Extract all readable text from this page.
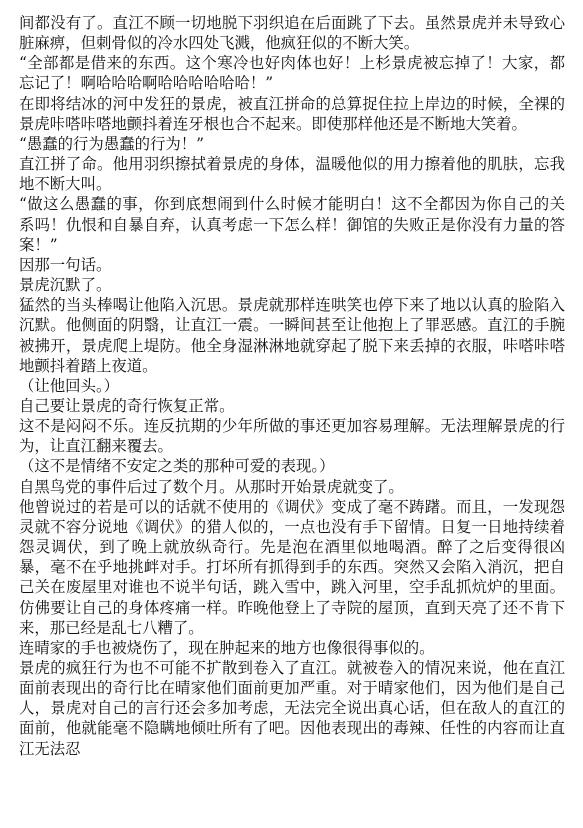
间都没有了。直江不顾一切地脱下羽织追在后面跳了下去。虽然景虎并未导致心脏麻痹，但刺骨似的冷水四处飞溅，他疯狂似的不断大笑。

“全部都是借来的东西。这个寒冷也好肉体也好！上杉景虎被忘掉了！大家，都忘记了！啊哈哈哈啊哈哈哈哈哈哈！”

在即将结冰的河中发狂的景虎，被直江拼命的总算捉住拉上岸边的时候，全裸的景虎咔嗒咔嗒地颤抖着连牙根也合不起来。即使那样他还是不断地大笑着。

“愚蠢的行为愚蠢的行为！”

直江拼了命。他用羽织擦拭着景虎的身体，温暖他似的用力擦着他的肌肤，忘我地不断大叫。

“做这么愚蠢的事，你到底想闹到什么时候才能明白！这不全都因为你自己的关系吗！仇恨和自暴自弃，认真考虑一下怎么样！御馆的失败正是你没有力量的答案！”

因那一句话。

景虎沉默了。

猛然的当头棒喝让他陷入沉思。景虎就那样连哄笑也停下来了地以认真的脸陷入沉默。他侧面的阴翳，让直江一震。一瞬间甚至让他抱上了罪恶感。直江的手腕被拂开，景虎爬上堤防。他全身湿淋淋地就穿起了脱下来丢掉的衣服，咔嗒咔嗒地颤抖着踏上夜道。

（让他回头。）

自己要让景虎的奇行恢复正常。

这不是闷闷不乐。连反抗期的少年所做的事还更加容易理解。无法理解景虎的行为，让直江翻来覆去。

（这不是情绪不安定之类的那种可爱的表现。）

自黑鸟党的事件后过了数个月。从那时开始景虎就变了。

他曾说过的若是可以的话就不使用的《调伏》变成了毫不踌躇。而且，一发现怨灵就不容分说地《调伏》的猎人似的，一点也没有手下留情。日复一日地持续着怨灵调伏，到了晚上就放纵奇行。先是泡在酒里似地喝酒。醉了之后变得很凶暴，毫不在乎地挑衅对手。打坏所有抓得到手的东西。突然又会陷入消沉，把自己关在废屋里对谁也不说半句话，跳入雪中，跳入河里，空手乱抓炕炉的里面。仿佛要让自己的身体疼痛一样。昨晚他登上了寺院的屋顶，直到天亮了还不肯下来，那已经是乱七八糟了。

连晴家的手也被烧伤了，现在肿起来的地方也像很得事似的。

景虎的疯狂行为也不可能不扩散到卷入了直江。就被卷入的情况来说，他在直江面前表现出的奇行比在晴家他们面前更加严重。对于晴家他们，因为他们是自己人，景虎对自己的言行还会多加考虑，无法完全说出真心话，但在敌人的直江的面前，他就能毫不隐瞒地倾吐所有了吧。因他表现出的毒辣、任性的内容而让直江无法忍
